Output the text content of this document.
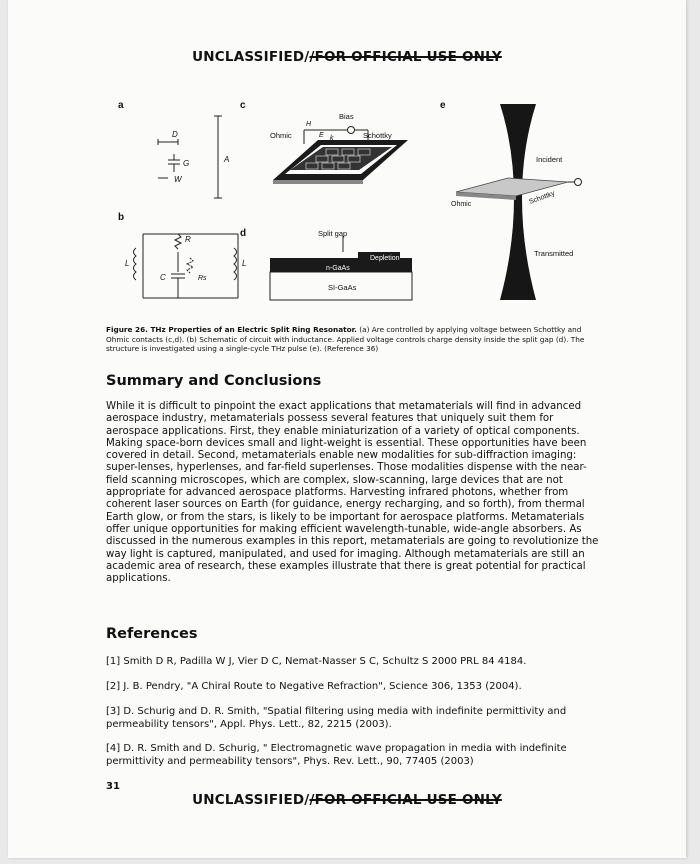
UNCLASSIFIED//FOR OFFICIAL USE ONLY
a
b
c
d
e
D
G
W
A
R
L	L
C	Rs
Bias
H
E k
Ohmic	Schottky
Split gap
Depletion
n-GaAs
SI-GaAs
Incident
Transmitted
Ohmic	Schottky
Figure 26. THz Properties of an Electric Split Ring Resonator. (a) Are controlled by applying voltage between Schottky and Ohmic contacts (c,d). (b) Schematic of circuit with inductance. Applied voltage controls charge density inside the split gap (d). The structure is investigated using a single-cycle THz pulse (e). (Reference 36)
Summary and Conclusions
While it is difficult to pinpoint the exact applications that metamaterials will find in advanced aerospace industry, metamaterials possess several features that uniquely suit them for aerospace applications. First, they enable miniaturization of a variety of optical components. Making space-born devices small and light-weight is essential. These opportunities have been covered in detail. Second, metamaterials enable new modalities for sub-diffraction imaging: super-lenses, hyperlenses, and far-field superlenses. Those modalities dispense with the near-field scanning microscopes, which are complex, slow-scanning, large devices that are not appropriate for advanced aerospace platforms. Harvesting infrared photons, whether from coherent laser sources on Earth (for guidance, energy recharging, and so forth), from thermal Earth glow, or from the stars, is likely to be important for aerospace platforms. Metamaterials offer unique opportunities for making efficient wavelength-tunable, wide-angle absorbers. As discussed in the numerous examples in this report, metamaterials are going to revolutionize the way light is captured, manipulated, and used for imaging. Although metamaterials are still an academic area of research, these examples illustrate that there is great potential for practical applications.
References
[1] Smith D R, Padilla W J, Vier D C, Nemat-Nasser S C, Schultz S 2000 PRL 84 4184.
[2] J. B. Pendry, "A Chiral Route to Negative Refraction", Science 306, 1353 (2004).
[3] D. Schurig and D. R. Smith, "Spatial filtering using media with indefinite permittivity and permeability tensors", Appl. Phys. Lett., 82, 2215 (2003).
[4] D. R. Smith and D. Schurig, " Electromagnetic wave propagation in media with indefinite permittivity and permeability tensors", Phys. Rev. Lett., 90, 77405 (2003)
31
UNCLASSIFIED//FOR OFFICIAL USE ONLY
